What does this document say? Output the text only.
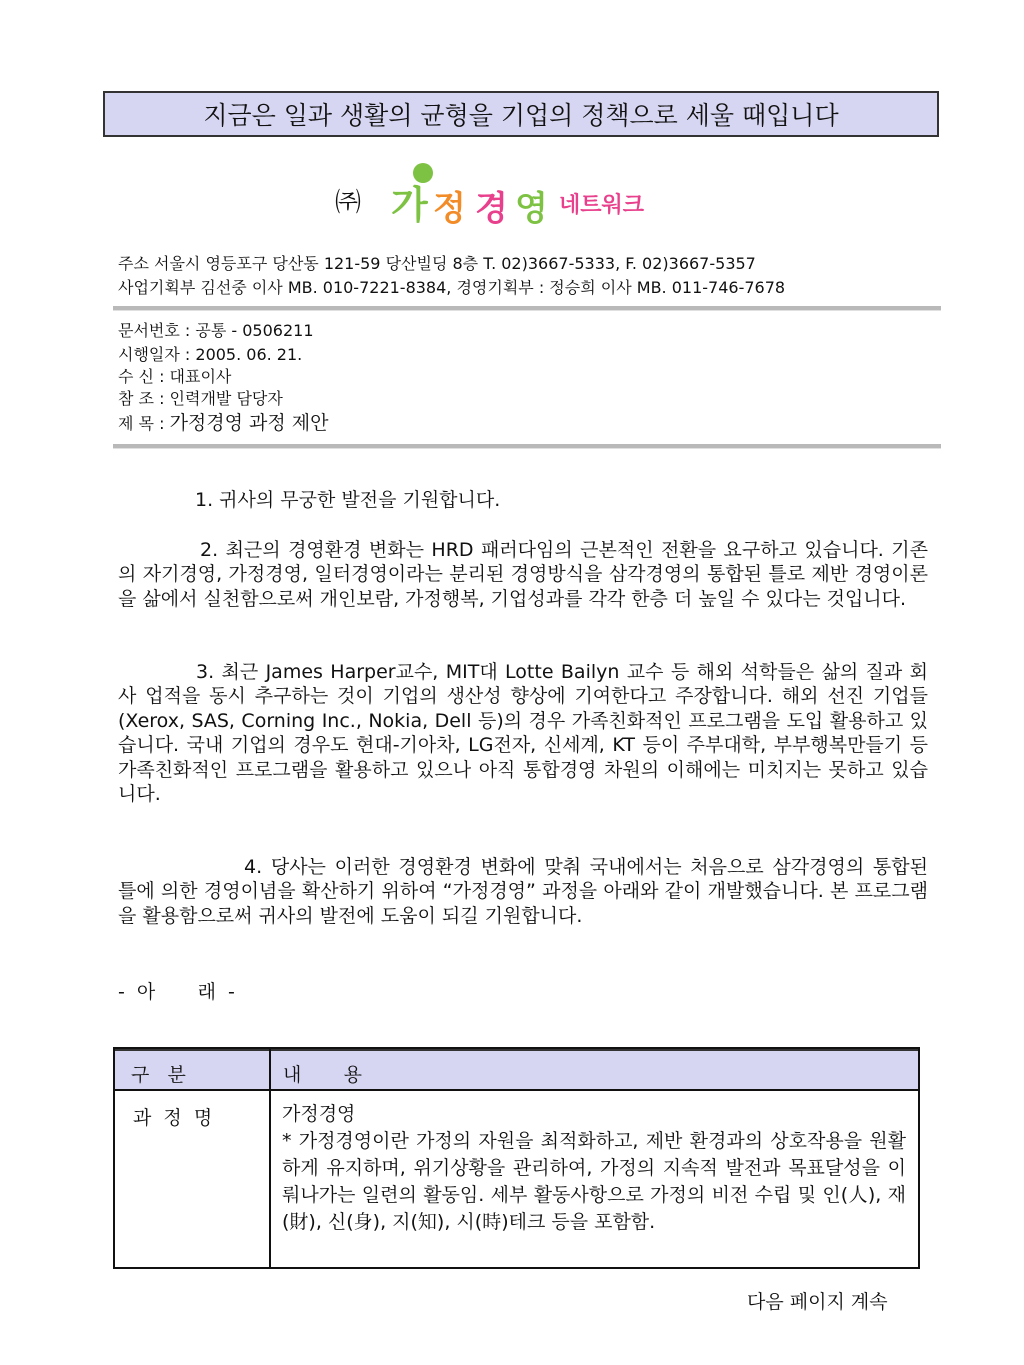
지금은 일과 생활의 균형을 기업의 정책으로 세울 때입니다
㈜ 가 정 경 영 네트워크
주소 서울시 영등포구 당산동 121-59 당산빌딩 8층 T. 02)3667-5333, F. 02)3667-5357
사업기획부 김선중 이사 MB. 010-7221-8384, 경영기획부 : 정승희 이사 MB. 011-746-7678
문서번호 : 공통 - 0506211
시행일자 : 2005. 06. 21.
수 신 : 대표이사
참 조 : 인력개발 담당자
제 목 : 가정경영 과정 제안

1. 귀사의 무궁한 발전을 기원합니다.

2. 최근의 경영환경 변화는 HRD 패러다임의 근본적인 전환을 요구하고 있습니다. 기존의 자기경영, 가정경영, 일터경영이라는 분리된 경영방식을 삼각경영의 통합된 틀로 제반 경영이론을 삶에서 실천함으로써 개인보람, 가정행복, 기업성과를 각각 한층 더 높일 수 있다는 것입니다.

3. 최근 James Harper교수, MIT대 Lotte Bailyn 교수 등 해외 석학들은 삶의 질과 회사 업적을 동시 추구하는 것이 기업의 생산성 향상에 기여한다고 주장합니다. 해외 선진 기업들(Xerox, SAS, Corning Inc., Nokia, Dell 등)의 경우 가족친화적인 프로그램을 도입 활용하고 있습니다. 국내 기업의 경우도 현대-기아차, LG전자, 신세계, KT 등이 주부대학, 부부행복만들기 등 가족친화적인 프로그램을 활용하고 있으나 아직 통합경영 차원의 이해에는 미치지는 못하고 있습니다.

4. 당사는 이러한 경영환경 변화에 맞춰 국내에서는 처음으로 삼각경영의 통합된 틀에 의한 경영이념을 확산하기 위하여 “가정경영” 과정을 아래와 같이 개발했습니다. 본 프로그램을 활용함으로써 귀사의 발전에 도움이 되길 기원합니다.

-  아       래  -

구   분	내       용
과  정  명	가정경영
* 가정경영이란 가정의 자원을 최적화하고, 제반 환경과의 상호작용을 원활하게 유지하며, 위기상황을 관리하여, 가정의 지속적 발전과 목표달성을 이뤄나가는 일련의 활동임. 세부 활동사항으로 가정의 비전 수립 및 인(人), 재(財), 신(身), 지(知), 시(時)테크 등을 포함함.
다음 페이지 계속
